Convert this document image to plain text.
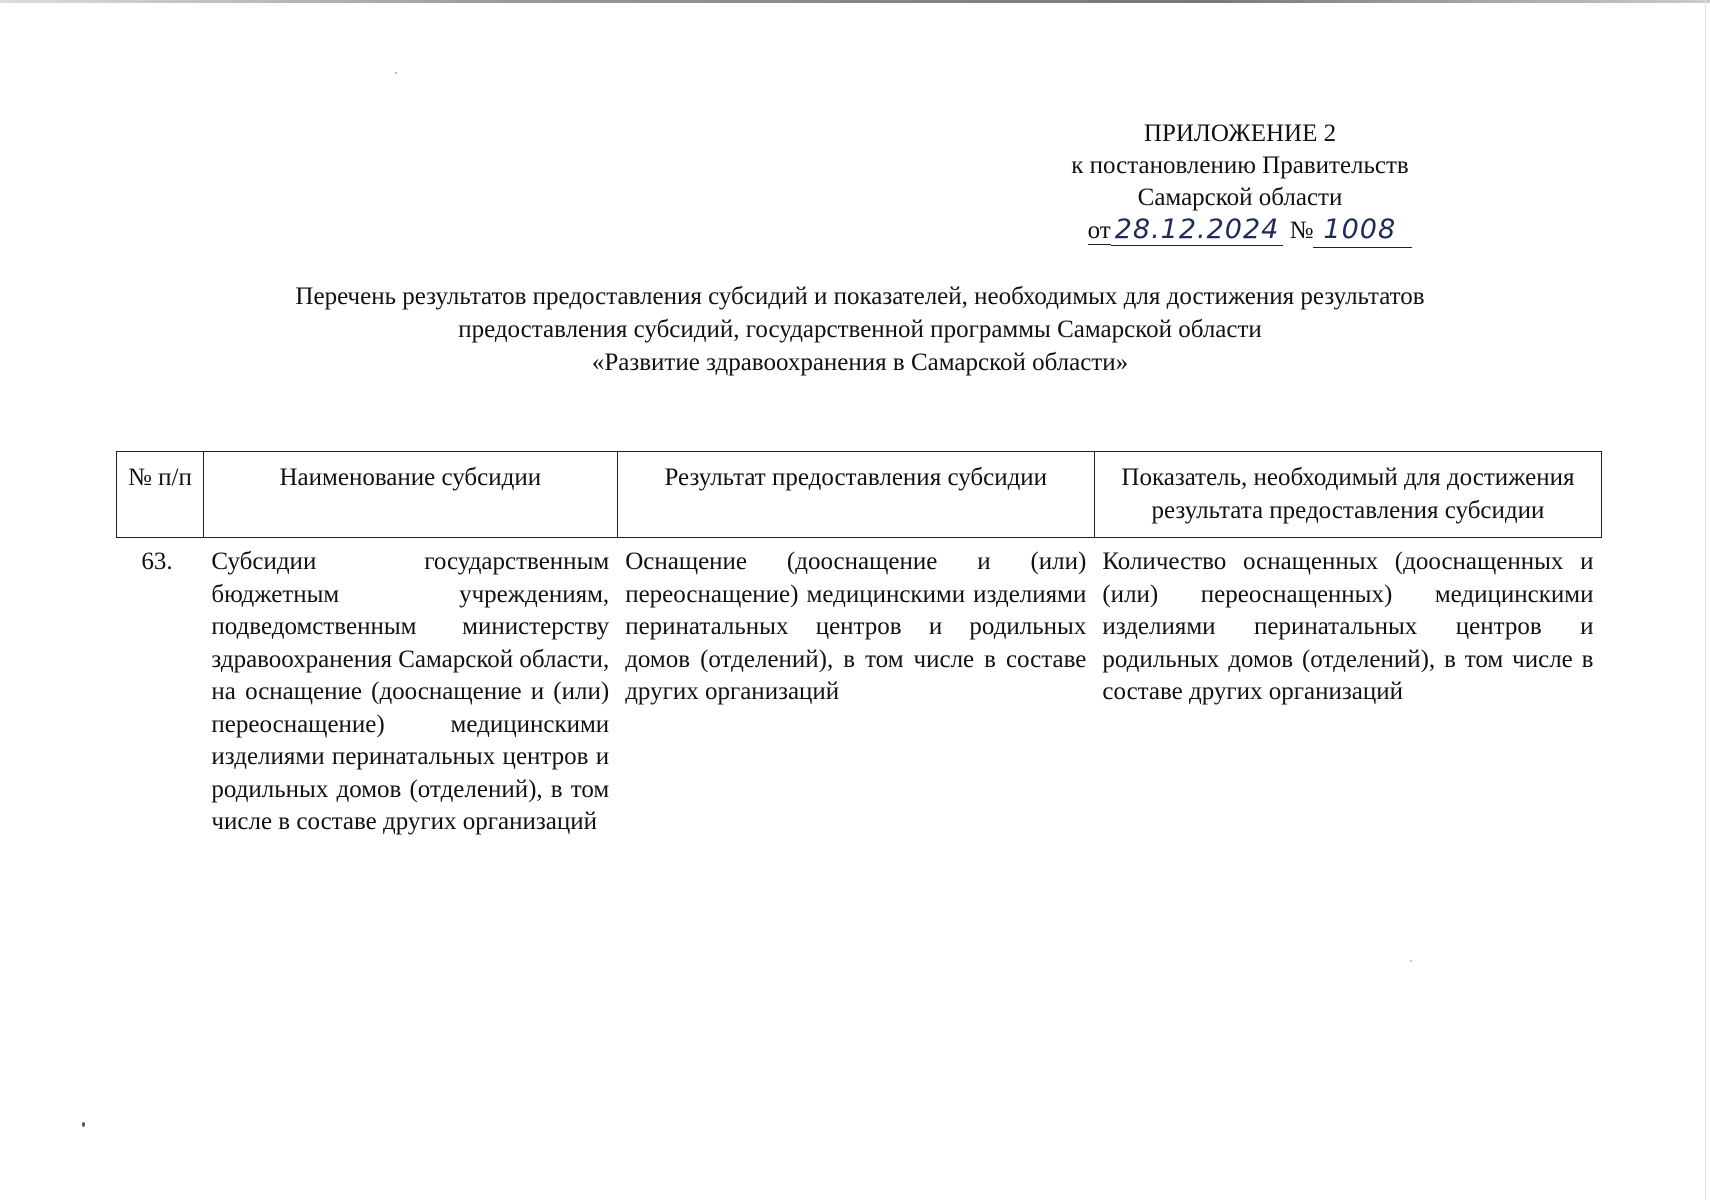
ПРИЛОЖЕНИЕ 2
к постановлению Правительств
Самарской области
от 28.12.2024 № 1008
Перечень результатов предоставления субсидий и показателей, необходимых для достижения результатов
предоставления субсидий, государственной программы Самарской области
«Развитие здравоохранения в Самарской области»
№ п/п	Наименование субсидии	Результат предоставления субсидии	Показатель, необходимый для достижения результата предоставления субсидии
63.	Субсидии государственным бюджетным учреждениям, подведомственным министерству здравоохранения Самарской области, на оснащение (дооснащение и (или) переоснащение) медицинскими изделиями перинатальных центров и родильных домов (отделений), в том числе в составе других организаций	Оснащение (дооснащение и (или) переоснащение) медицинскими изделиями перинатальных центров и родильных домов (отделений), в том числе в составе других организаций	Количество оснащенных (дооснащенных и (или) переоснащенных) медицинскими изделиями перинатальных центров и родильных домов (отделений), в том числе в составе других организаций
